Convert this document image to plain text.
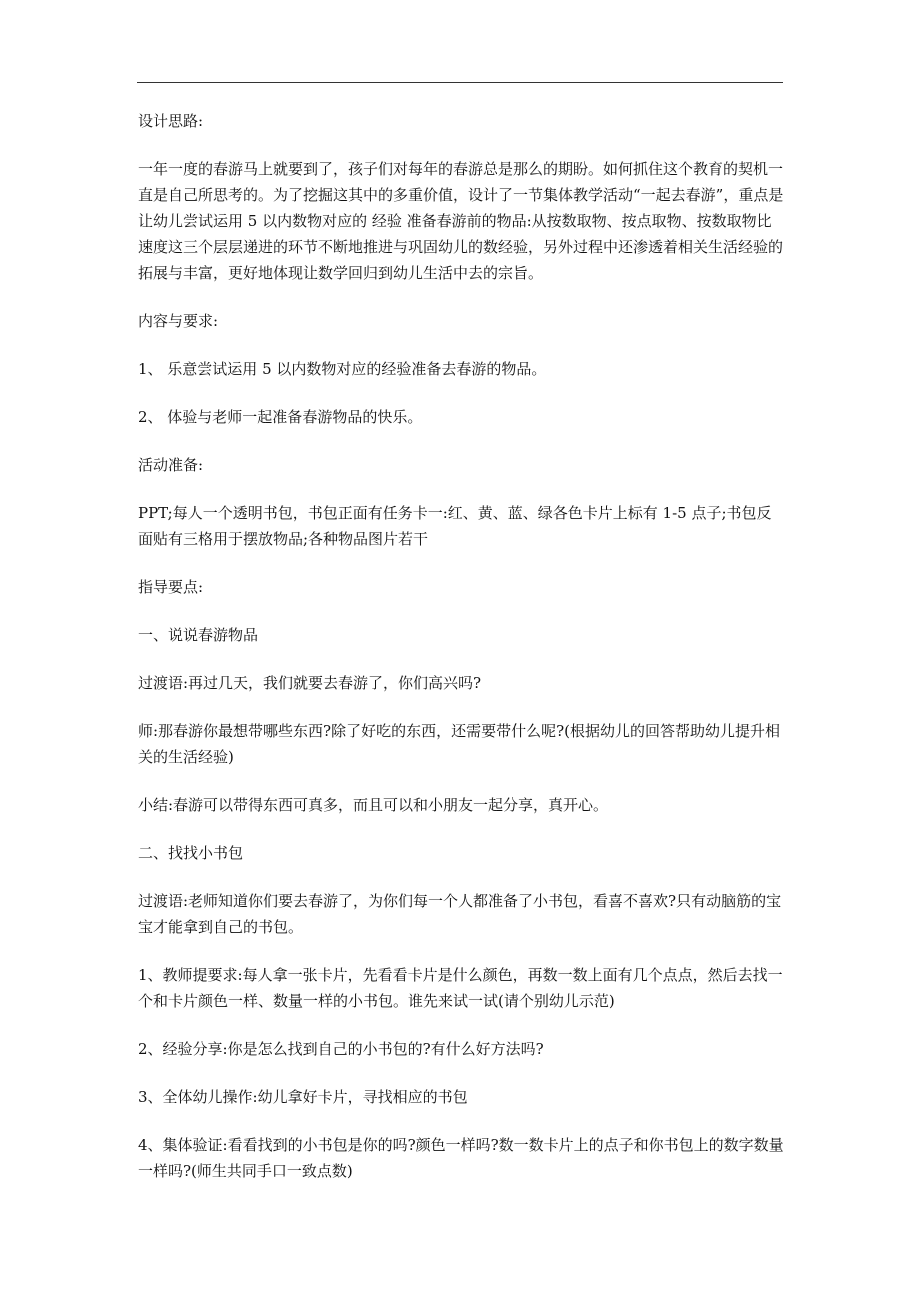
设计思路:
一年一度的春游马上就要到了，孩子们对每年的春游总是那么的期盼。如何抓住这个教育的契机一直是自己所思考的。为了挖掘这其中的多重价值，设计了一节集体教学活动“一起去春游”，重点是让幼儿尝试运用 5 以内数物对应的 经验 准备春游前的物品:从按数取物、按点取物、按数取物比速度这三个层层递进的环节不断地推进与巩固幼儿的数经验，另外过程中还渗透着相关生活经验的拓展与丰富，更好地体现让数学回归到幼儿生活中去的宗旨。
内容与要求:
1、 乐意尝试运用 5 以内数物对应的经验准备去春游的物品。
2、 体验与老师一起准备春游物品的快乐。
活动准备:
PPT;每人一个透明书包，书包正面有任务卡一:红、黄、蓝、绿各色卡片上标有 1-5 点子;书包反面贴有三格用于摆放物品;各种物品图片若干
指导要点:
一、说说春游物品
过渡语:再过几天，我们就要去春游了，你们高兴吗?
师:那春游你最想带哪些东西?除了好吃的东西，还需要带什么呢?(根据幼儿的回答帮助幼儿提升相关的生活经验)
小结:春游可以带得东西可真多，而且可以和小朋友一起分享，真开心。
二、找找小书包
过渡语:老师知道你们要去春游了，为你们每一个人都准备了小书包，看喜不喜欢?只有动脑筋的宝宝才能拿到自己的书包。
1、教师提要求:每人拿一张卡片，先看看卡片是什么颜色，再数一数上面有几个点点，然后去找一个和卡片颜色一样、数量一样的小书包。谁先来试一试(请个别幼儿示范)
2、经验分享:你是怎么找到自己的小书包的?有什么好方法吗?
3、全体幼儿操作:幼儿拿好卡片，寻找相应的书包
4、集体验证:看看找到的小书包是你的吗?颜色一样吗?数一数卡片上的点子和你书包上的数字数量一样吗?(师生共同手口一致点数)
